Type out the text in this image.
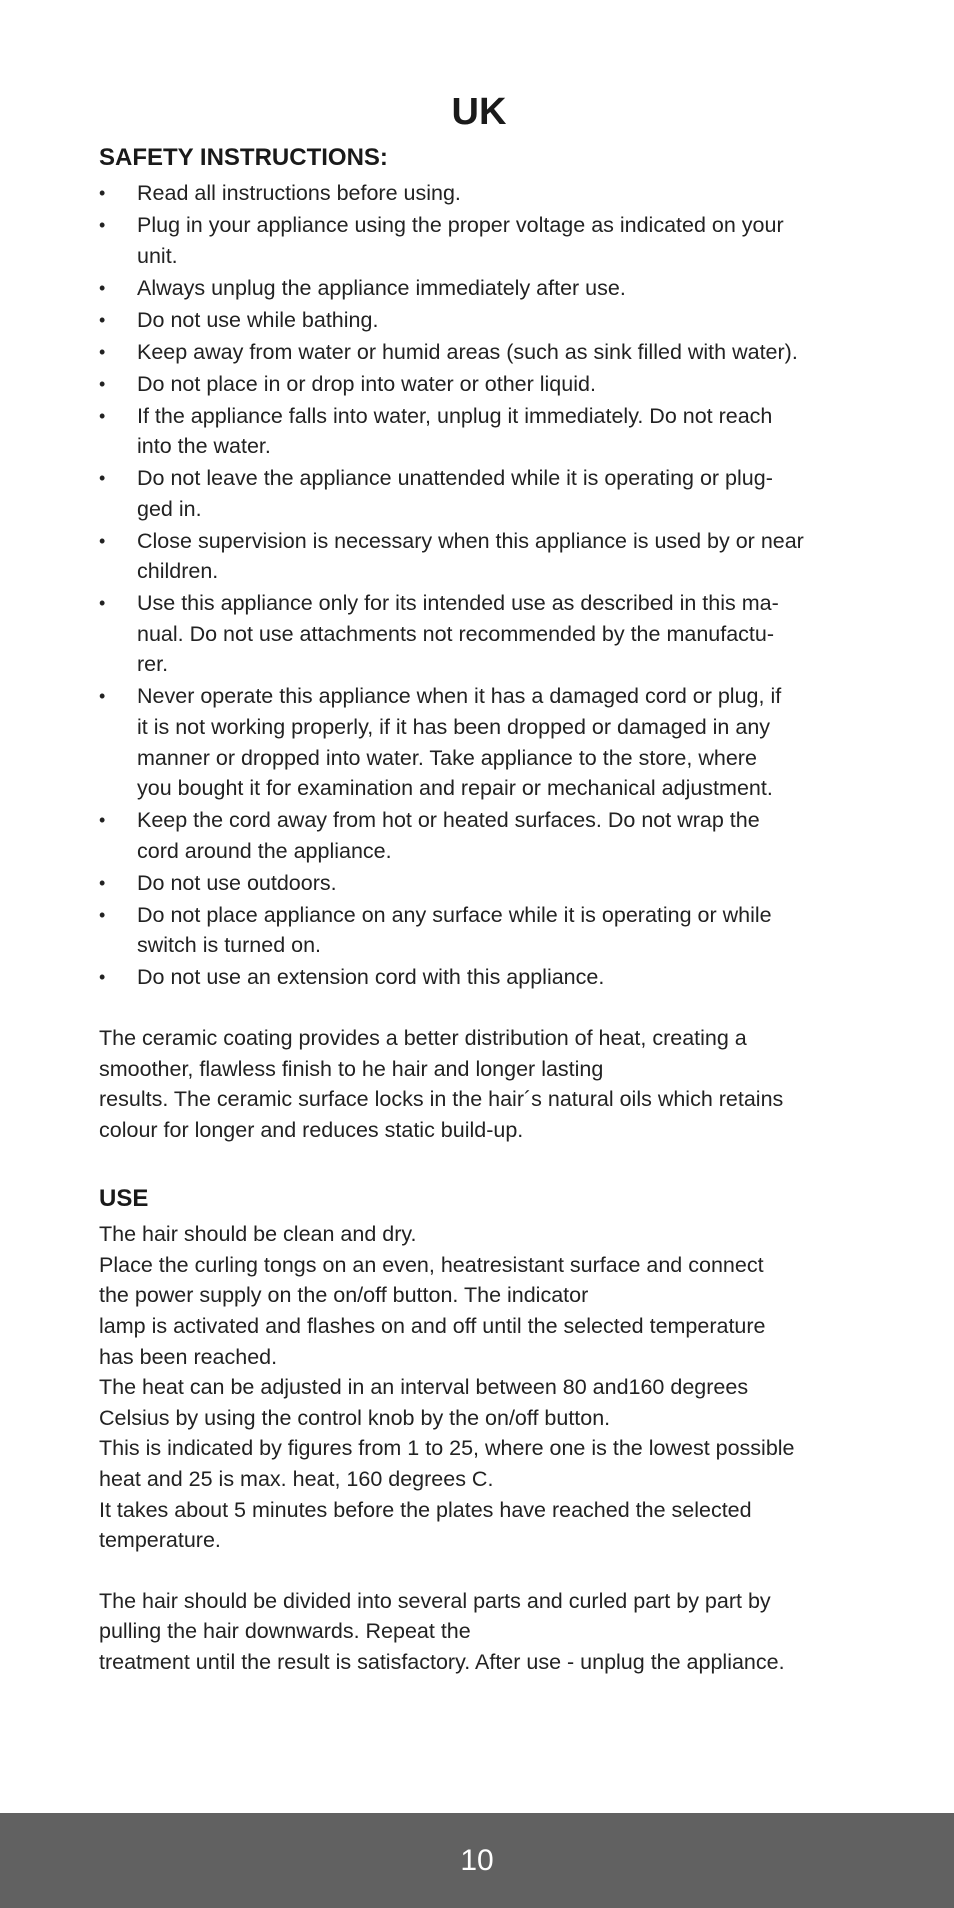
UK
SAFETY INSTRUCTIONS:
• Read all instructions before using.
• Plug in your appliance using the proper voltage as indicated on your
unit.
• Always unplug the appliance immediately after use.
• Do not use while bathing.
• Keep away from water or humid areas (such as sink filled with water).
• Do not place in or drop into water or other liquid.
• If the appliance falls into water, unplug it immediately. Do not reach
into the water.
• Do not leave the appliance unattended while it is operating or plug-
ged in.
• Close supervision is necessary when this appliance is used by or near
children.
• Use this appliance only for its intended use as described in this ma-
nual. Do not use attachments not recommended by the manufactu-
rer.
• Never operate this appliance when it has a damaged cord or plug, if
it is not working properly, if it has been dropped or damaged in any
manner or dropped into water. Take appliance to the store, where
you bought it for examination and repair or mechanical adjustment.
• Keep the cord away from hot or heated surfaces. Do not wrap the
cord around the appliance.
• Do not use outdoors.
• Do not place appliance on any surface while it is operating or while
switch is turned on.
• Do not use an extension cord with this appliance.
The ceramic coating provides a better distribution of heat, creating a
smoother, flawless finish to he hair and longer lasting
results. The ceramic surface locks in the hair´s natural oils which retains
colour for longer and reduces static build-up.
USE
The hair should be clean and dry.
Place the curling tongs on an even, heatresistant surface and connect
the power supply on the on/off button. The indicator
lamp is activated and flashes on and off until the selected temperature
has been reached.
The heat can be adjusted in an interval between 80 and160 degrees
Celsius by using the control knob by the on/off button.
This is indicated by figures from 1 to 25, where one is the lowest possible
heat and 25 is max. heat, 160 degrees C.
It takes about 5 minutes before the plates have reached the selected
temperature.
The hair should be divided into several parts and curled part by part by
pulling the hair downwards. Repeat the
treatment until the result is satisfactory. After use - unplug the appliance.
10
